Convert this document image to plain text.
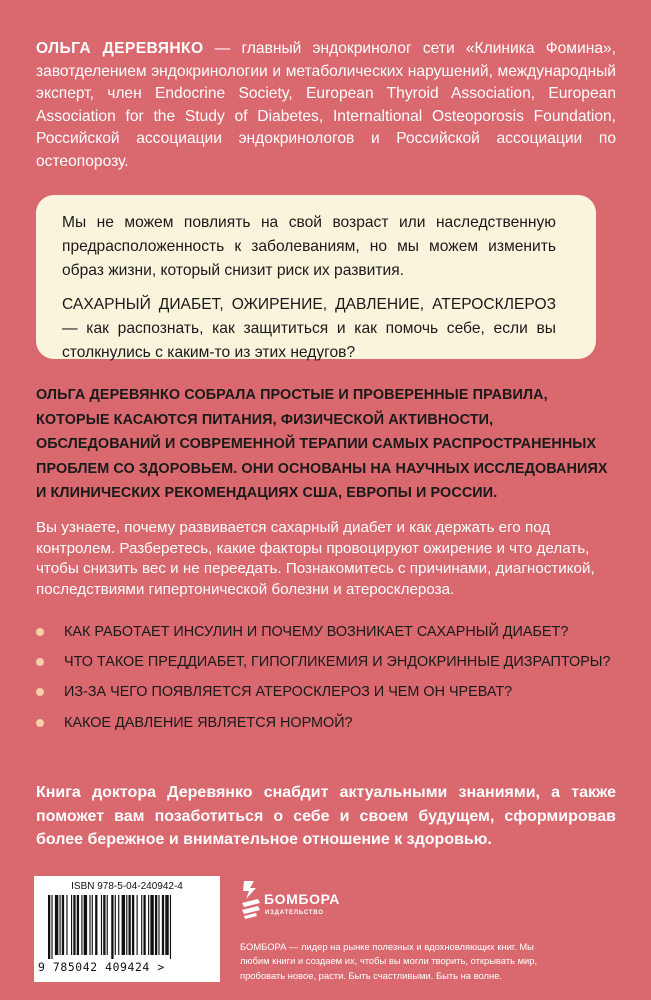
ОЛЬГА ДЕРЕВЯНКО — главный эндокринолог сети «Клиника Фомина», завотделением эндокринологии и метаболических нарушений, международный эксперт, член Endocrine Society, European Thyroid Association, European Association for the Study of Diabetes, Internaltional Osteoporosis Foundation, Российской ассоциации эндокринологов и Российской ассоциации по остеопорозу.

Мы не можем повлиять на свой возраст или наследственную предрасположенность к заболеваниям, но мы можем изменить образ жизни, который снизит риск их развития.

САХАРНЫЙ ДИАБЕТ, ОЖИРЕНИЕ, ДАВЛЕНИЕ, АТЕРОСКЛЕРОЗ — как распознать, как защититься и как помочь себе, если вы столкнулись с каким-то из этих недугов?

ОЛЬГА ДЕРЕВЯНКО СОБРАЛА ПРОСТЫЕ И ПРОВЕРЕННЫЕ ПРАВИЛА, КОТОРЫЕ КАСАЮТСЯ ПИТАНИЯ, ФИЗИЧЕСКОЙ АКТИВНОСТИ, ОБСЛЕДОВАНИЙ И СОВРЕМЕННОЙ ТЕРАПИИ САМЫХ РАСПРОСТРАНЕННЫХ ПРОБЛЕМ СО ЗДОРОВЬЕМ. ОНИ ОСНОВАНЫ НА НАУЧНЫХ ИССЛЕДОВАНИЯХ И КЛИНИЧЕСКИХ РЕКОМЕНДАЦИЯХ США, ЕВРОПЫ И РОССИИ.

Вы узнаете, почему развивается сахарный диабет и как держать его под контролем. Разберетесь, какие факторы провоцируют ожирение и что делать, чтобы снизить вес и не переедать. Познакомитесь с причинами, диагностикой, последствиями гипертонической болезни и атеросклероза.

КАК РАБОТАЕТ ИНСУЛИН И ПОЧЕМУ ВОЗНИКАЕТ САХАРНЫЙ ДИАБЕТ?
ЧТО ТАКОЕ ПРЕДДИАБЕТ, ГИПОГЛИКЕМИЯ И ЭНДОКРИННЫЕ ДИЗРАПТОРЫ?
ИЗ-ЗА ЧЕГО ПОЯВЛЯЕТСЯ АТЕРОСКЛЕРОЗ И ЧЕМ ОН ЧРЕВАТ?
КАКОЕ ДАВЛЕНИЕ ЯВЛЯЕТСЯ НОРМОЙ?

Книга доктора Деревянко снабдит актуальными знаниями, а также поможет вам позаботиться о себе и своем будущем, сформировав более бережное и внимательное отношение к здоровью.

ISBN 978-5-04-240942-4
9 785042 409424 >
БОМБОРА
ИЗДАТЕЛЬСТВО

БОМБОРА — лидер на рынке полезных и вдохновляющих книг. Мы любим книги и создаем их, чтобы вы могли творить, открывать мир, пробовать новое, расти. Быть счастливыми. Быть на волне.
